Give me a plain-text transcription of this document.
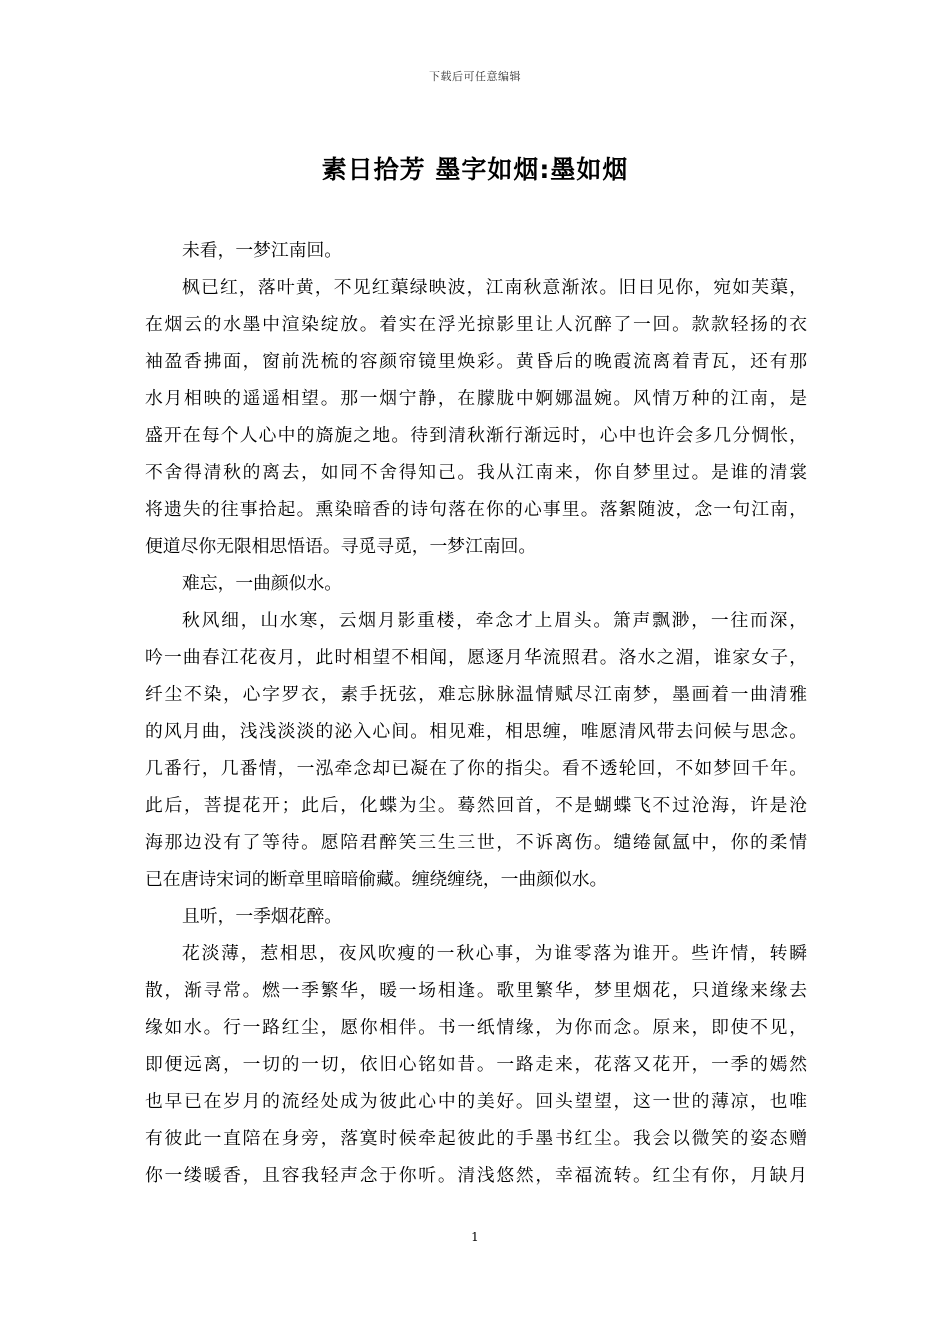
下载后可任意编辑
素日拾芳 墨字如烟:墨如烟
未看，一梦江南回。
枫已红，落叶黄，不见红蕖绿映波，江南秋意渐浓。旧日见你，宛如芙蕖，
在烟云的水墨中渲染绽放。着实在浮光掠影里让人沉醉了一回。款款轻扬的衣
袖盈香拂面，窗前洗梳的容颜帘镜里焕彩。黄昏后的晚霞流离着青瓦，还有那
水月相映的遥遥相望。那一烟宁静，在朦胧中婀娜温婉。风情万种的江南，是
盛开在每个人心中的旖旎之地。待到清秋渐行渐远时，心中也许会多几分惆怅，
不舍得清秋的离去，如同不舍得知己。我从江南来，你自梦里过。是谁的清裳
将遗失的往事拾起。熏染暗香的诗句落在你的心事里。落絮随波，念一句江南，
便道尽你无限相思悟语。寻觅寻觅，一梦江南回。
难忘，一曲颜似水。
秋风细，山水寒，云烟月影重楼，牵念才上眉头。箫声飘渺，一往而深，
吟一曲春江花夜月，此时相望不相闻，愿逐月华流照君。洛水之湄，谁家女子，
纤尘不染，心字罗衣，素手抚弦，难忘脉脉温情赋尽江南梦，墨画着一曲清雅
的风月曲，浅浅淡淡的泌入心间。相见难，相思缠，唯愿清风带去问候与思念。
几番行，几番情，一泓牵念却已凝在了你的指尖。看不透轮回，不如梦回千年。
此后，菩提花开；此后，化蝶为尘。蓦然回首，不是蝴蝶飞不过沧海，许是沧
海那边没有了等待。愿陪君醉笑三生三世，不诉离伤。缱绻氤氲中，你的柔情
已在唐诗宋词的断章里暗暗偷藏。缠绕缠绕，一曲颜似水。
且听，一季烟花醉。
花淡薄，惹相思，夜风吹瘦的一秋心事，为谁零落为谁开。些许情，转瞬
散，渐寻常。燃一季繁华，暖一场相逢。歌里繁华，梦里烟花，只道缘来缘去
缘如水。行一路红尘，愿你相伴。书一纸情缘，为你而念。原来，即使不见，
即便远离，一切的一切，依旧心铭如昔。一路走来，花落又花开，一季的嫣然
也早已在岁月的流经处成为彼此心中的美好。回头望望，这一世的薄凉，也唯
有彼此一直陪在身旁，落寞时候牵起彼此的手墨书红尘。我会以微笑的姿态赠
你一缕暖香，且容我轻声念于你听。清浅悠然，幸福流转。红尘有你，月缺月
1
